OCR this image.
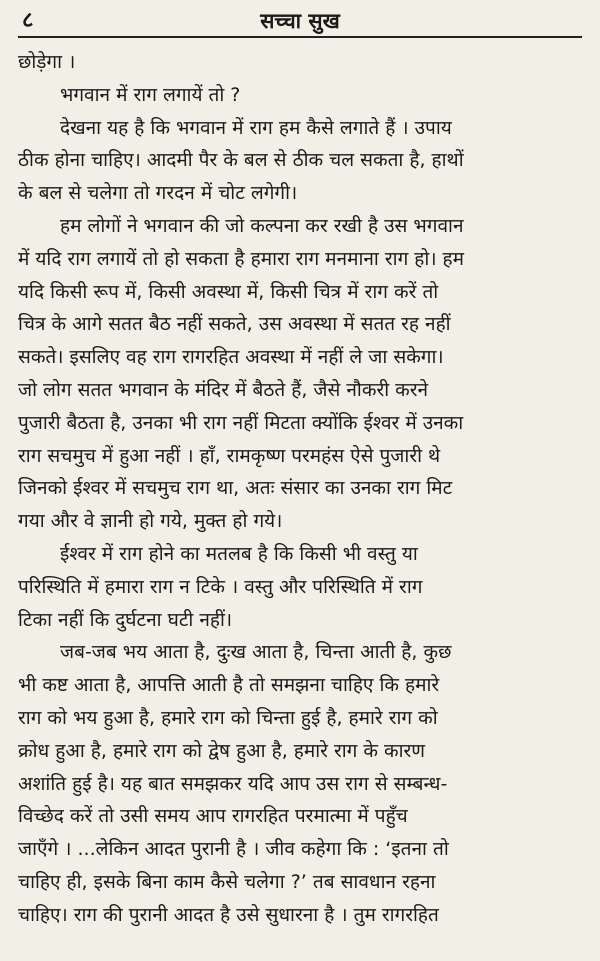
८	सच्चा सुख
छोड़ेगा ।
भगवान में राग लगायें तो ?
देखना यह है कि भगवान में राग हम कैसे लगाते हैं । उपाय
ठीक होना चाहिए। आदमी पैर के बल से ठीक चल सकता है, हाथों
के बल से चलेगा तो गरदन में चोट लगेगी।
हम लोगों ने भगवान की जो कल्पना कर रखी है उस भगवान
में यदि राग लगायें तो हो सकता है हमारा राग मनमाना राग हो। हम
यदि किसी रूप में, किसी अवस्था में, किसी चित्र में राग करें तो
चित्र के आगे सतत बैठ नहीं सकते, उस अवस्था में सतत रह नहीं
सकते। इसलिए वह राग रागरहित अवस्था में नहीं ले जा सकेगा।
जो लोग सतत भगवान के मंदिर में बैठते हैं, जैसे नौकरी करने
पुजारी बैठता है, उनका भी राग नहीं मिटता क्योंकि ईश्वर में उनका
राग सचमुच में हुआ नहीं । हाँ, रामकृष्ण परमहंस ऐसे पुजारी थे
जिनको ईश्वर में सचमुच राग था, अतः संसार का उनका राग मिट
गया और वे ज्ञानी हो गये, मुक्त हो गये।
ईश्वर में राग होने का मतलब है कि किसी भी वस्तु या
परिस्थिति में हमारा राग न टिके । वस्तु और परिस्थिति में राग
टिका नहीं कि दुर्घटना घटी नहीं।
जब-जब भय आता है, दुःख आता है, चिन्ता आती है, कुछ
भी कष्ट आता है, आपत्ति आती है तो समझना चाहिए कि हमारे
राग को भय हुआ है, हमारे राग को चिन्ता हुई है, हमारे राग को
क्रोध हुआ है, हमारे राग को द्वेष हुआ है, हमारे राग के कारण
अशांति हुई है। यह बात समझकर यदि आप उस राग से सम्बन्ध-
विच्छेद करें तो उसी समय आप रागरहित परमात्मा में पहुँच
जाएँगे । ...लेकिन आदत पुरानी है । जीव कहेगा कि : ‘इतना तो
चाहिए ही, इसके बिना काम कैसे चलेगा ?’ तब सावधान रहना
चाहिए। राग की पुरानी आदत है उसे सुधारना है । तुम रागरहित
